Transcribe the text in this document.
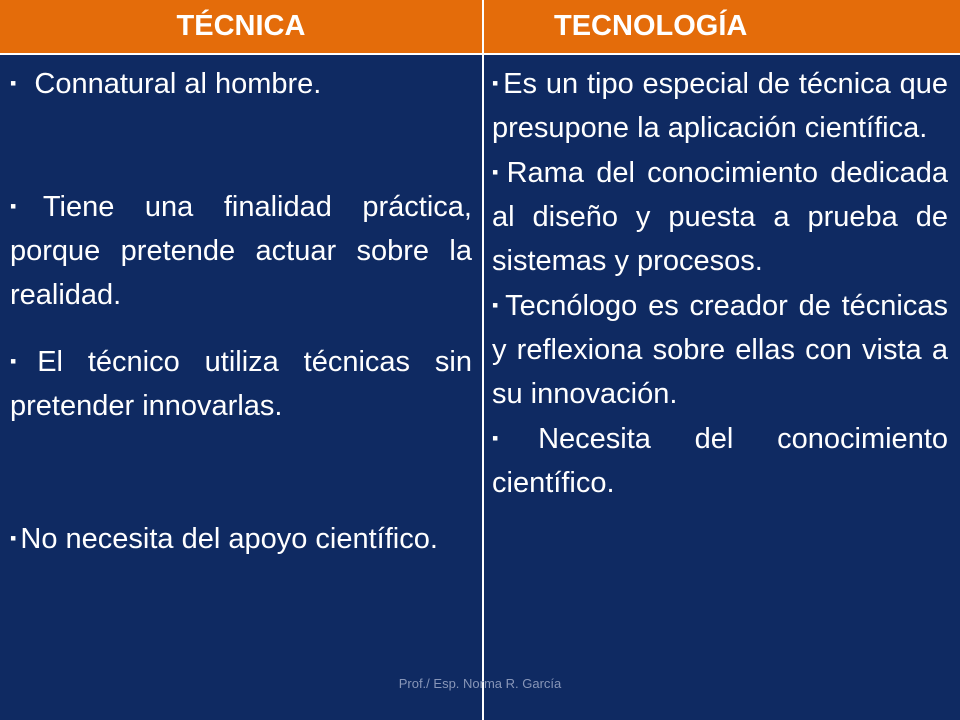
TÉCNICA	TECNOLOGÍA

▪ Connatural al hombre.

▪ Tiene una finalidad práctica, porque pretende actuar sobre la realidad.

▪ El técnico utiliza técnicas sin pretender innovarlas.

▪ No necesita del apoyo científico.

▪ Es un tipo especial de técnica que presupone la aplicación científica.

▪ Rama del conocimiento dedicada al diseño y puesta a prueba de sistemas y procesos.

▪ Tecnólogo es creador de técnicas y reflexiona sobre ellas con vista a su innovación.

▪ Necesita del conocimiento científico.

Prof./ Esp. Norma R. García
